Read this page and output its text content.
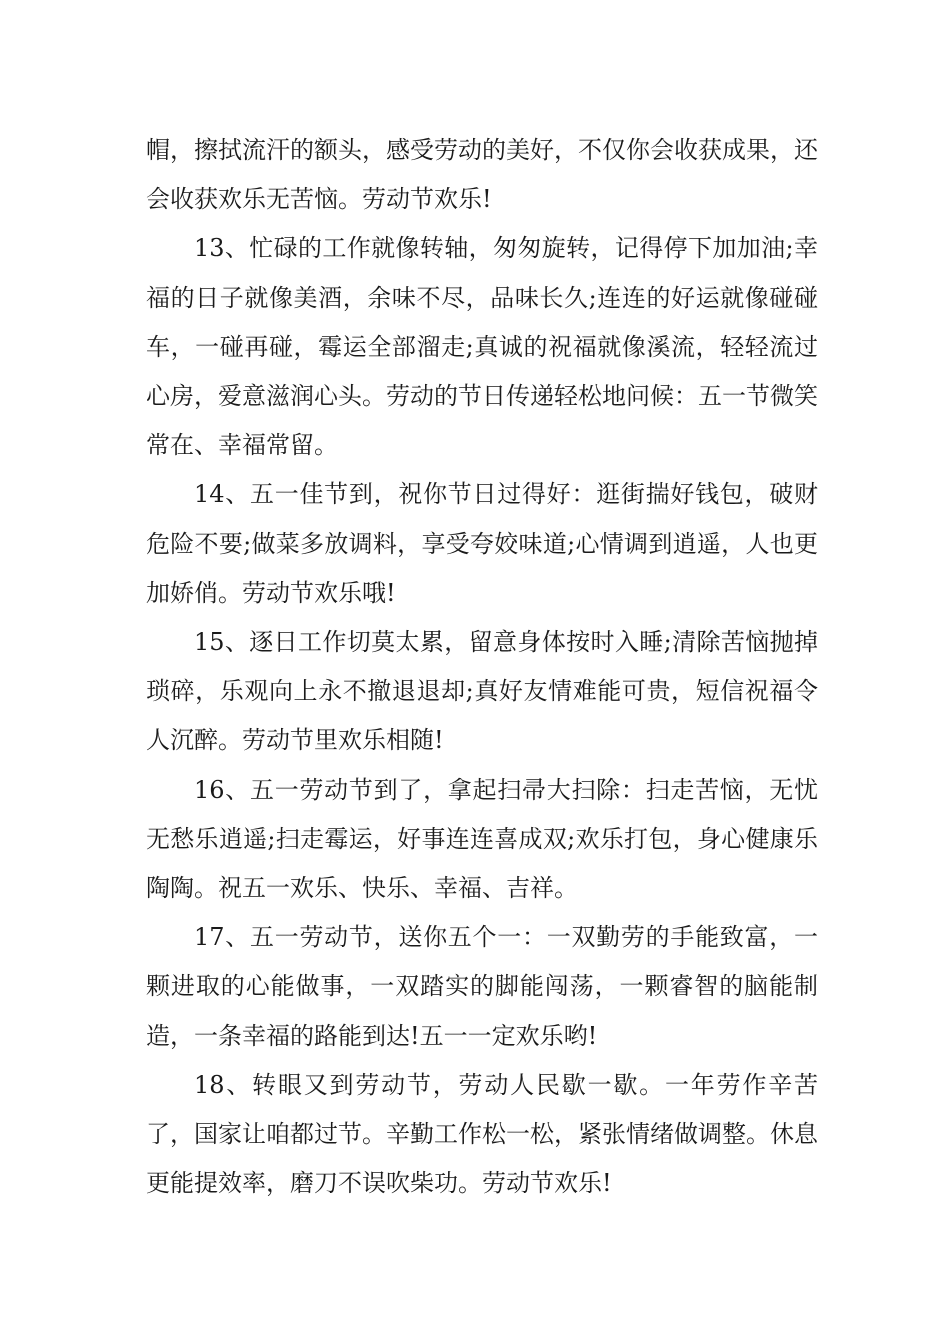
帽，擦拭流汗的额头，感受劳动的美好，不仅你会收获成果，还会收获欢乐无苦恼。劳动节欢乐!

13、忙碌的工作就像转轴，匆匆旋转，记得停下加加油;幸福的日子就像美酒，余味不尽，品味长久;连连的好运就像碰碰车，一碰再碰，霉运全部溜走;真诚的祝福就像溪流，轻轻流过心房，爱意滋润心头。劳动的节日传递轻松地问候：五一节微笑常在、幸福常留。

14、五一佳节到，祝你节日过得好：逛街揣好钱包，破财危险不要;做菜多放调料，享受夸姣味道;心情调到逍遥，人也更加娇俏。劳动节欢乐哦!

15、逐日工作切莫太累，留意身体按时入睡;清除苦恼抛掉琐碎，乐观向上永不撤退退却;真好友情难能可贵，短信祝福令人沉醉。劳动节里欢乐相随!

16、五一劳动节到了，拿起扫帚大扫除：扫走苦恼，无忧无愁乐逍遥;扫走霉运，好事连连喜成双;欢乐打包，身心健康乐陶陶。祝五一欢乐、快乐、幸福、吉祥。

17、五一劳动节，送你五个一：一双勤劳的手能致富，一颗进取的心能做事，一双踏实的脚能闯荡，一颗睿智的脑能制造，一条幸福的路能到达!五一一定欢乐哟!

18、转眼又到劳动节，劳动人民歇一歇。一年劳作辛苦了，国家让咱都过节。辛勤工作松一松，紧张情绪做调整。休息更能提效率，磨刀不误吹柴功。劳动节欢乐!
